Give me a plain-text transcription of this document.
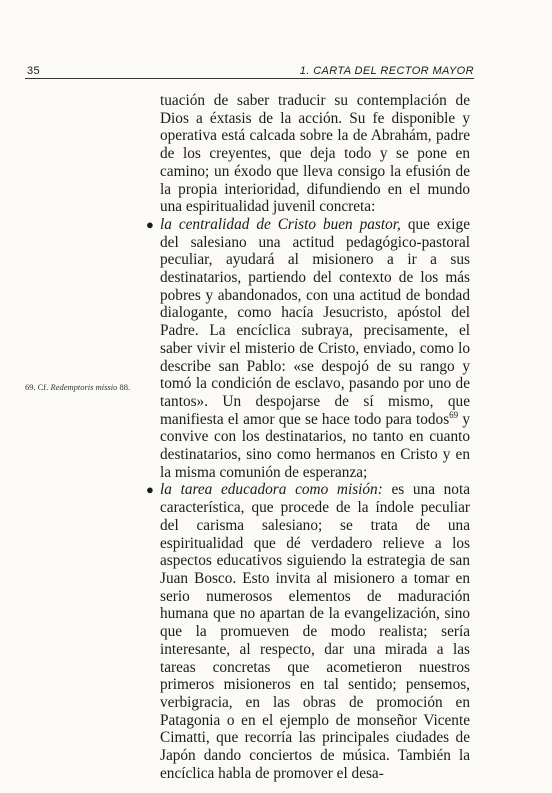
35	1. CARTA DEL RECTOR MAYOR
69. Cf. Redemptoris missio 88.

tuación de saber traducir su contemplación de Dios a éxtasis de la acción. Su fe disponible y operativa está calcada sobre la de Abrahám, padre de los creyentes, que deja todo y se pone en camino; un éxodo que lleva consigo la efusión de la propia interioridad, difundiendo en el mundo una espiritualidad juvenil concreta:

● la centralidad de Cristo buen pastor, que exige del salesiano una actitud pedagógico-pastoral peculiar, ayudará al misionero a ir a sus destinatarios, partiendo del contexto de los más pobres y abandonados, con una actitud de bondad dialogante, como hacía Jesucristo, apóstol del Padre. La encíclica subraya, precisamente, el saber vivir el misterio de Cristo, enviado, como lo describe san Pablo: «se despojó de su rango y tomó la condición de esclavo, pasando por uno de tantos». Un despojarse de sí mismo, que manifiesta el amor que se hace todo para todos$^{69}$ y convive con los destinatarios, no tanto en cuanto destinatarios, sino como hermanos en Cristo y en la misma comunión de esperanza;
● la tarea educadora como misión: es una nota característica, que procede de la índole peculiar del carisma salesiano; se trata de una espiritualidad que dé verdadero relieve a los aspectos educativos siguiendo la estrategia de san Juan Bosco. Esto invita al misionero a tomar en serio numerosos elementos de maduración humana que no apartan de la evangelización, sino que la promueven de modo realista; sería interesante, al respecto, dar una mirada a las tareas concretas que acometieron nuestros primeros misioneros en tal sentido; pensemos, verbigracia, en las obras de promoción en Patagonia o en el ejemplo de monseñor Vicente Cimatti, que recorría las principales ciudades de Japón dando conciertos de música. También la encíclica habla de promover el desa-
